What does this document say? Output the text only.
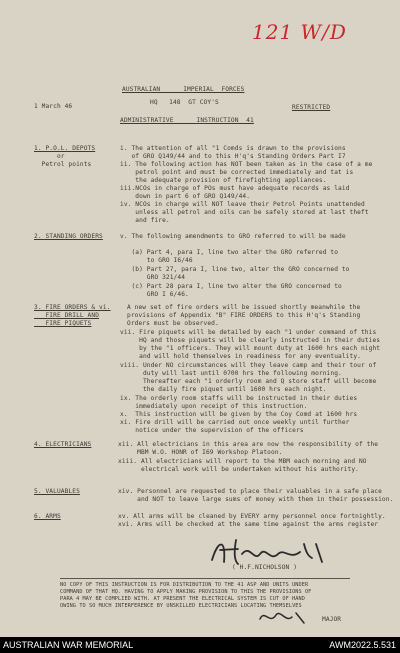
121 W/D
AUSTRALIAN      IMPERIAL  FORCES
HQ   148  GT COY'S
1 March 46	RESTRICTED
ADMINISTRATIVE      INSTRUCTION  41
1. P.O.L. DEPOTS
or
Petrol points
i. The attention of all "1 Comds is drawn to the provisions
of GRO Q149/44 and to this H'q's Standing Orders Part I7
ii. The following action has NOT been taken as in the case of a me
petrol point and must be corrected immediately and tat is
the adequate provision of firefighting appliances.
iii.NCOs in charge of POs must have adequate records as laid
down in part 6 of GRO Q149/44.
iv. NCOs in charge will NOT leave their Petrol Points unattended
unless all petrol and oils can be safely stored at last theft
and fire.
2. STANDING ORDERS	v. The following amendments to GRO referred to will be made
(a) Part 4, para I, line two alter the GRO referred to
to GRO I6/46
(b) Part 27, para I, line two, alter the GRO concerned to
GRO 321/44
(c) Part 28 para I, line two alter the GRO concerned to
GRO I 6/46.
3. FIRE ORDERS & vi.
FIRE DRILL AND
FIRE PIQUETS
A new set of fire orders will be issued shortly meanwhile the
provisions of Appendix "B" FIRE ORDERS to this H'q's Standing
Orders must be observed.
vii. Fire piquets will be detailed by each "1 under command of this
HQ and those piquets will be clearly instructed in their duties
by the "1 officers. They will mount duty at 1600 hrs each night
and will hold themselves in readiness for any eventuality.
viii. Under NO circumstances will they leave camp and their tour of
duty will last until 0700 hrs the following morning.
Thereafter each "1 orderly room and Q store staff will become
the daily fire piquet until 1600 hrs each night.
ix. The orderly room staffs will be instructed in their duties
immediately upon receipt of this instruction.
x.  This instruction will be given by the Coy Comd at 1600 hrs
xi. Fire drill will be carried out once weekly until further
notice under the supervision of the officers
4. ELECTRICIANS	xii. All electricians in this area are now the responsibility of the
MBM W.O. HONR of I69 Workshop Platoon.
xiii. All electricians will report to the MBM each morning and NO
electrical work will be undertaken without his authority.
5. VALUABLES	xiv. Personnel are requested to place their valuables in a safe place
and NOT to leave large sums of money with them in their possession.
6. ARMS	xv. All arms will be cleaned by EVERY army personnel once fortnightly.
xvi. Arms will be checked at the same time against the arms register
( H.F.NICHOLSON )
NO COPY OF THIS INSTRUCTION IS FOR DISTRIBUTION TO THE 41 ASP AND UNITS UNDER
COMMAND OF THAT HQ. HAVING TO APPLY MAKING PROVISION TO THIS THE PROVISIONS OF
PARA 4 MAY BE COMPLIED WITH. AT PRESENT THE ELECTRICAL SYSTEM IS CUT OF HAND
OWING TO SO MUCH INTERFERENCE BY UNSKILLED ELECTRICIANS LOCATING THEMSELVES
MAJOR
AUSTRALIAN WAR MEMORIAL	AWM2022.5.531
